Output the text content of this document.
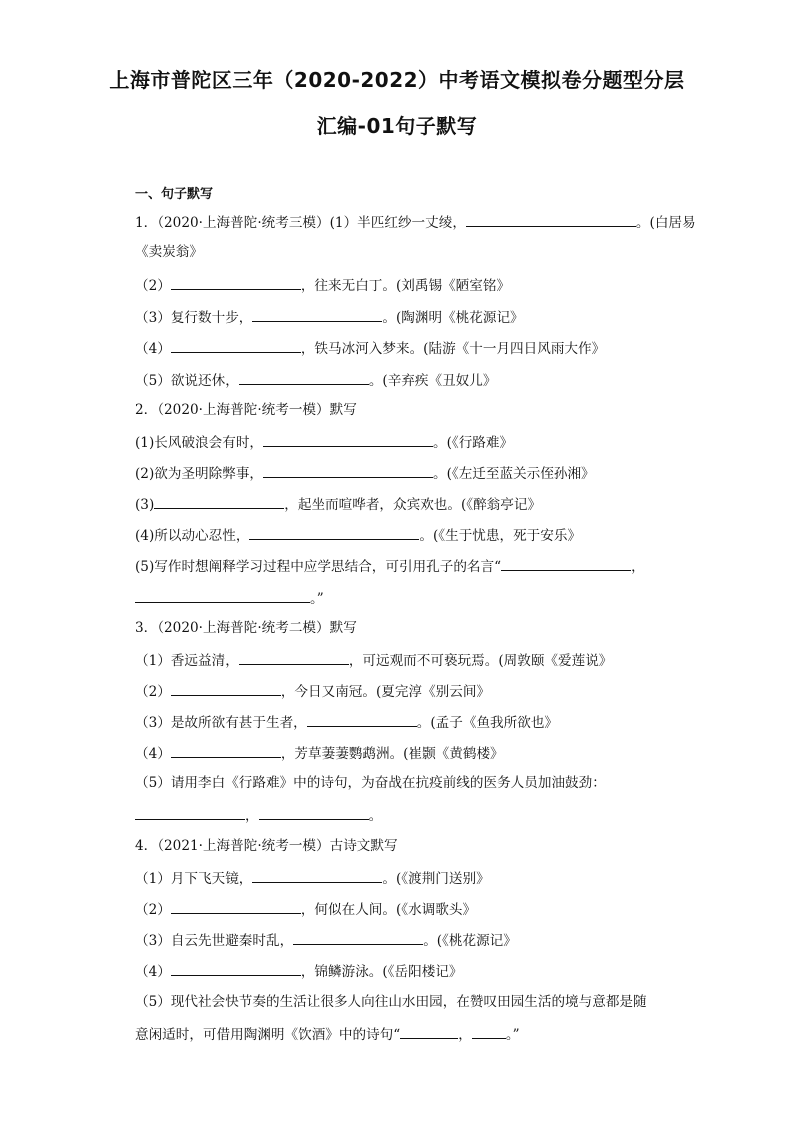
上海市普陀区三年（2020-2022）中考语文模拟卷分题型分层
汇编-01句子默写
一、句子默写
1．（2020·上海普陀·统考三模）(1）半匹红纱一丈绫，	。(白居易
《卖炭翁》
（2）	，往来无白丁。(刘禹锡《陋室铭》
（3）复行数十步，	。(陶渊明《桃花源记》
（4）	，铁马冰河入梦来。(陆游《十一月四日风雨大作》
（5）欲说还休，	。(辛弃疾《丑奴儿》
2．（2020·上海普陀·统考一模）默写
(1)长风破浪会有时，	。(《行路难》
(2)欲为圣明除弊事，	。(《左迁至蓝关示侄孙湘》
(3)	，起坐而喧哗者，众宾欢也。(《醉翁亭记》
(4)所以动心忍性，	。(《生于忧患，死于安乐》
(5)写作时想阐释学习过程中应学思结合，可引用孔子的名言“	，
。”
3．（2020·上海普陀·统考二模）默写
（1）香远益清，	，可远观而不可亵玩焉。(周敦颐《爱莲说》
（2）	，今日又南冠。(夏完淳《别云间》
（3）是故所欲有甚于生者，	。(孟子《鱼我所欲也》
（4）	，芳草萋萋鹦鹉洲。(崔颢《黄鹤楼》
（5）请用李白《行路难》中的诗句，为奋战在抗疫前线的医务人员加油鼓劲：
，	。
4．（2021·上海普陀·统考一模）古诗文默写
（1）月下飞天镜，	。(《渡荆门送别》
（2）	，何似在人间。(《水调歌头》
（3）自云先世避秦时乱，	。(《桃花源记》
（4）	，锦鳞游泳。(《岳阳楼记》
（5）现代社会快节奏的生活让很多人向往山水田园，在赞叹田园生活的境与意都是随
意闲适时，可借用陶渊明《饮酒》中的诗句“	，	。”
